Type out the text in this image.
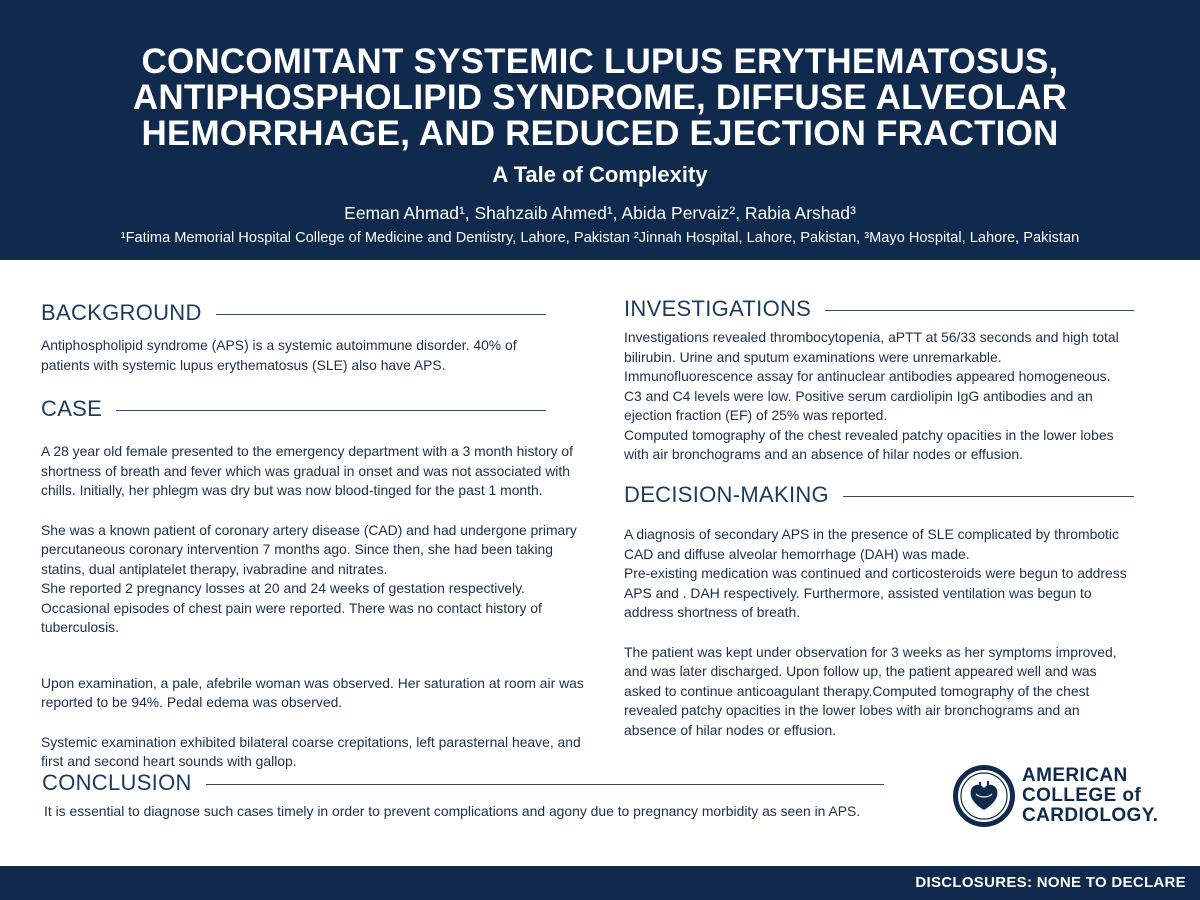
CONCOMITANT SYSTEMIC LUPUS ERYTHEMATOSUS,
ANTIPHOSPHOLIPID SYNDROME, DIFFUSE ALVEOLAR
HEMORRHAGE, AND REDUCED EJECTION FRACTION
A Tale of Complexity
Eeman Ahmad¹, Shahzaib Ahmed¹, Abida Pervaiz², Rabia Arshad³
¹Fatima Memorial Hospital College of Medicine and Dentistry, Lahore, Pakistan ²Jinnah Hospital, Lahore, Pakistan, ³Mayo Hospital, Lahore, Pakistan
BACKGROUND
Antiphospholipid syndrome (APS) is a systemic autoimmune disorder. 40% of
patients with systemic lupus erythematosus (SLE) also have APS.
CASE
A 28 year old female presented to the emergency department with a 3 month history of
shortness of breath and fever which was gradual in onset and was not associated with
chills. Initially, her phlegm was dry but was now blood-tinged for the past 1 month.
She was a known patient of coronary artery disease (CAD) and had undergone primary
percutaneous coronary intervention 7 months ago. Since then, she had been taking
statins, dual antiplatelet therapy, ivabradine and nitrates.
She reported 2 pregnancy losses at 20 and 24 weeks of gestation respectively.
Occasional episodes of chest pain were reported. There was no contact history of
tuberculosis.
Upon examination, a pale, afebrile woman was observed. Her saturation at room air was
reported to be 94%. Pedal edema was observed.
Systemic examination exhibited bilateral coarse crepitations, left parasternal heave, and
first and second heart sounds with gallop.
INVESTIGATIONS
Investigations revealed thrombocytopenia, aPTT at 56/33 seconds and high total
bilirubin. Urine and sputum examinations were unremarkable.
Immunofluorescence assay for antinuclear antibodies appeared homogeneous.
C3 and C4 levels were low. Positive serum cardiolipin IgG antibodies and an
ejection fraction (EF) of 25% was reported.
Computed tomography of the chest revealed patchy opacities in the lower lobes
with air bronchograms and an absence of hilar nodes or effusion.
DECISION-MAKING
A diagnosis of secondary APS in the presence of SLE complicated by thrombotic
CAD and diffuse alveolar hemorrhage (DAH) was made.
Pre-existing medication was continued and corticosteroids were begun to address
APS and . DAH respectively. Furthermore, assisted ventilation was begun to
address shortness of breath.
The patient was kept under observation for 3 weeks as her symptoms improved,
and was later discharged. Upon follow up, the patient appeared well and was
asked to continue anticoagulant therapy.Computed tomography of the chest
revealed patchy opacities in the lower lobes with air bronchograms and an
absence of hilar nodes or effusion.
CONCLUSION
It is essential to diagnose such cases timely in order to prevent complications and agony due to pregnancy morbidity as seen in APS.
AMERICAN
COLLEGE of
CARDIOLOGY.
DISCLOSURES: NONE TO DECLARE
